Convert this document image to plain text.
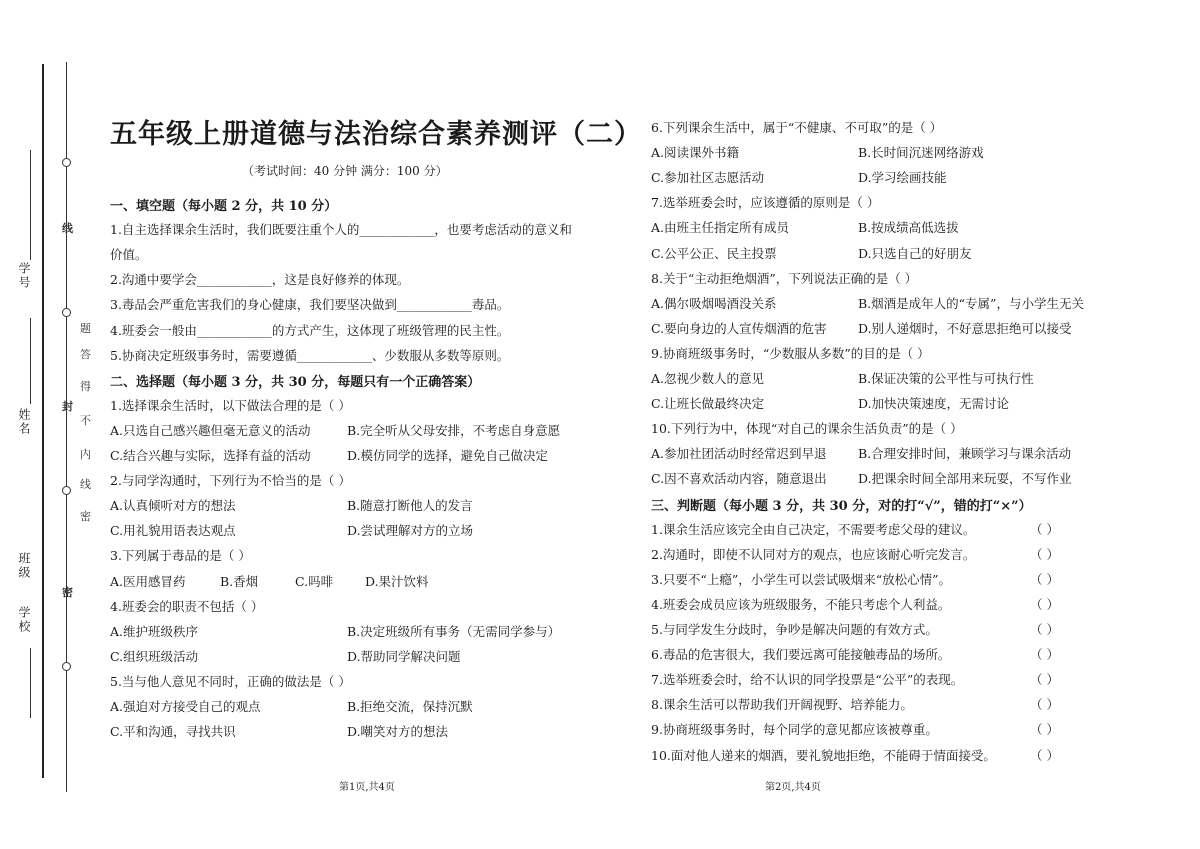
学号
姓名
班级
学校
线
题
答
得
不
内
线
封
密
密
五年级上册道德与法治综合素养测评（二）
（考试时间：40 分钟 满分：100 分）
一、填空题（每小题 2 分，共 10 分）
1.自主选择课余生活时，我们既要注重个人的____________，也要考虑活动的意义和
价值。
2.沟通中要学会____________，这是良好修养的体现。
3.毒品会严重危害我们的身心健康，我们要坚决做到____________毒品。
4.班委会一般由____________的方式产生，这体现了班级管理的民主性。
5.协商决定班级事务时，需要遵循____________、少数服从多数等原则。
二、选择题（每小题 3 分，共 30 分，每题只有一个正确答案）
1.选择课余生活时，以下做法合理的是（ ）
A.只选自己感兴趣但毫无意义的活动	B.完全听从父母安排，不考虑自身意愿
C.结合兴趣与实际，选择有益的活动	D.模仿同学的选择，避免自己做决定
2.与同学沟通时，下列行为不恰当的是（ ）
A.认真倾听对方的想法	B.随意打断他人的发言
C.用礼貌用语表达观点	D.尝试理解对方的立场
3.下列属于毒品的是（ ）
A.医用感冒药	B.香烟	C.吗啡	D.果汁饮料
4.班委会的职责不包括（ ）
A.维护班级秩序	B.决定班级所有事务（无需同学参与）
C.组织班级活动	D.帮助同学解决问题
5.当与他人意见不同时，正确的做法是（ ）
A.强迫对方接受自己的观点	B.拒绝交流，保持沉默
C.平和沟通，寻找共识	D.嘲笑对方的想法
第1页,共4页
6.下列课余生活中，属于“不健康、不可取”的是（ ）
A.阅读课外书籍	B.长时间沉迷网络游戏
C.参加社区志愿活动	D.学习绘画技能
7.选举班委会时，应该遵循的原则是（ ）
A.由班主任指定所有成员	B.按成绩高低选拔
C.公平公正、民主投票	D.只选自己的好朋友
8.关于“主动拒绝烟酒”，下列说法正确的是（ ）
A.偶尔吸烟喝酒没关系	B.烟酒是成年人的“专属”，与小学生无关
C.要向身边的人宣传烟酒的危害	D.别人递烟时，不好意思拒绝可以接受
9.协商班级事务时，“少数服从多数”的目的是（ ）
A.忽视少数人的意见	B.保证决策的公平性与可执行性
C.让班长做最终决定	D.加快决策速度，无需讨论
10.下列行为中，体现“对自己的课余生活负责”的是（ ）
A.参加社团活动时经常迟到早退	B.合理安排时间，兼顾学习与课余活动
C.因不喜欢活动内容，随意退出	D.把课余时间全部用来玩耍，不写作业
三、判断题（每小题 3 分，共 30 分，对的打“√”，错的打“×”）
1.课余生活应该完全由自己决定，不需要考虑父母的建议。	（ ）
2.沟通时，即使不认同对方的观点，也应该耐心听完发言。	（ ）
3.只要不“上瘾”，小学生可以尝试吸烟来“放松心情”。	（ ）
4.班委会成员应该为班级服务，不能只考虑个人利益。	（ ）
5.与同学发生分歧时，争吵是解决问题的有效方式。	（ ）
6.毒品的危害很大，我们要远离可能接触毒品的场所。	（ ）
7.选举班委会时，给不认识的同学投票是“公平”的表现。	（ ）
8.课余生活可以帮助我们开阔视野、培养能力。	（ ）
9.协商班级事务时，每个同学的意见都应该被尊重。	（ ）
10.面对他人递来的烟酒，要礼貌地拒绝，不能碍于情面接受。	（ ）
第2页,共4页
